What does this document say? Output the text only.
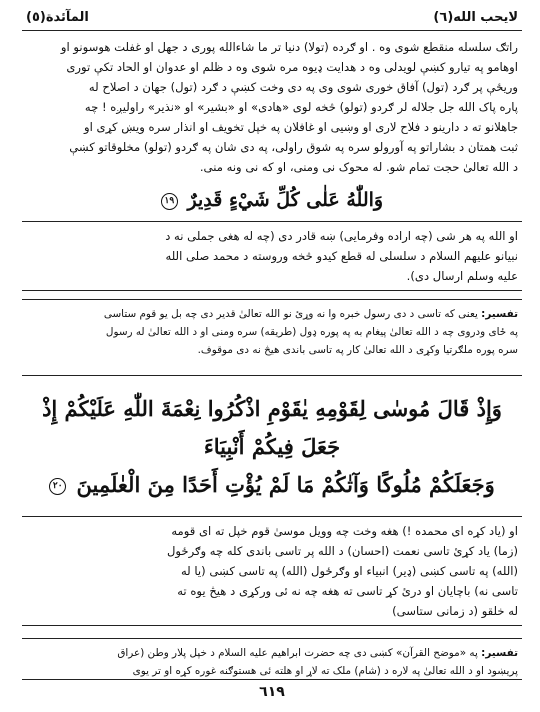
لايحب الله(٦)
المآئدة(٥)
راتګ سلسله منقطع شوی وه . او ګرده (تولا) دنیا تر ما شاءالله پوری د جهل او غفلت هوسونو او
اوهامو په تیارو کښې لویدلی وه د هدایت ډیوه مره شوی وه د ظلم او عدوان او الحاد تکې توری
وریځې پر ګرد (تول) آفاق خوری شوی وی په دی وخت کښې د ګرد (تول) جهان د اصلاح له
پاره پاک الله جل جلاله لر ګردو (تولو) څخه لوی «هادی» او «بشیر» او «نذیر» راولیږه ! چه
جاهلانو ته د دارینو د فلاح لاری او وښیی او غافلان په خپل تخویف او انذار سره ویښ کړی او
ثبت همتان د بشاراتو په آورولو سره په شوق راولی، په دی شان په ګردو (تولو) مخلوقاتو کښې
د الله تعالیٰ حجت تمام شو. له محوک نی ومنی، او که نی ونه منی.
وَاللّٰهُ عَلٰى كُلِّ شَيْءٍ قَدِيرٌ ١٩
او الله په هر شی (چه اراده وفرمایی) ښه قادر دی (چه له هغی جملی نه د
نبیانو علیهم السلام د سلسلی له قطع کیدو څخه وروسته د محمد صلی الله
علیه وسلم ارسال دی).
تفسیر: یعنی که تاسی د دی رسول خبره وا نه وړئ نو الله تعالیٰ قدیر دی چه بل یو قوم ستاسی
په ځای ودروی چه د الله تعالیٰ پیغام به په پوره ډول (طریقه) سره ومنی او د الله تعالیٰ له رسول
سره پوره ملګرتیا وکړی د الله تعالیٰ کار په تاسی باندی هیڅ نه دی موقوف.
وَإِذْ قَالَ مُوسٰى لِقَوْمِهِ يٰقَوْمِ اذْكُرُوا نِعْمَةَ اللّٰهِ عَلَيْكُمْ إِذْ جَعَلَ فِيكُمْ أَنْبِيَاءَ
وَجَعَلَكُمْ مُلُوكًا وَآتٰكُمْ مَا لَمْ يُؤْتِ أَحَدًا مِنَ الْعٰلَمِينَ ٢٠
او (یاد کړه ای محمده !) هغه وخت چه وویل موسیٰ قوم خپل ته ای قومه
(زما) یاد کړئ تاسی نعمت (احسان) د الله پر تاسی باندی کله چه وګرځول
(الله) په تاسی کښی (ډیر) انبیاء او وګرځول (الله) په تاسی کښی (یا له
تاسی نه) باچایان او درئ کړ تاسی ته هغه چه نه ئی ورکړی د هیڅ یوه ته
له خلقو (د زمانی ستاسی)
تفسیر: په «موضح القرآن» کښی دی چه حضرت ابراهیم علیه السلام د خپل پلار وطن (عراق
پریښود او د الله تعالیٰ په لاره د (شام) ملک ته لاړ او هلته ئی هستوګنه غوره کړه او تر یوی
٦١٩
